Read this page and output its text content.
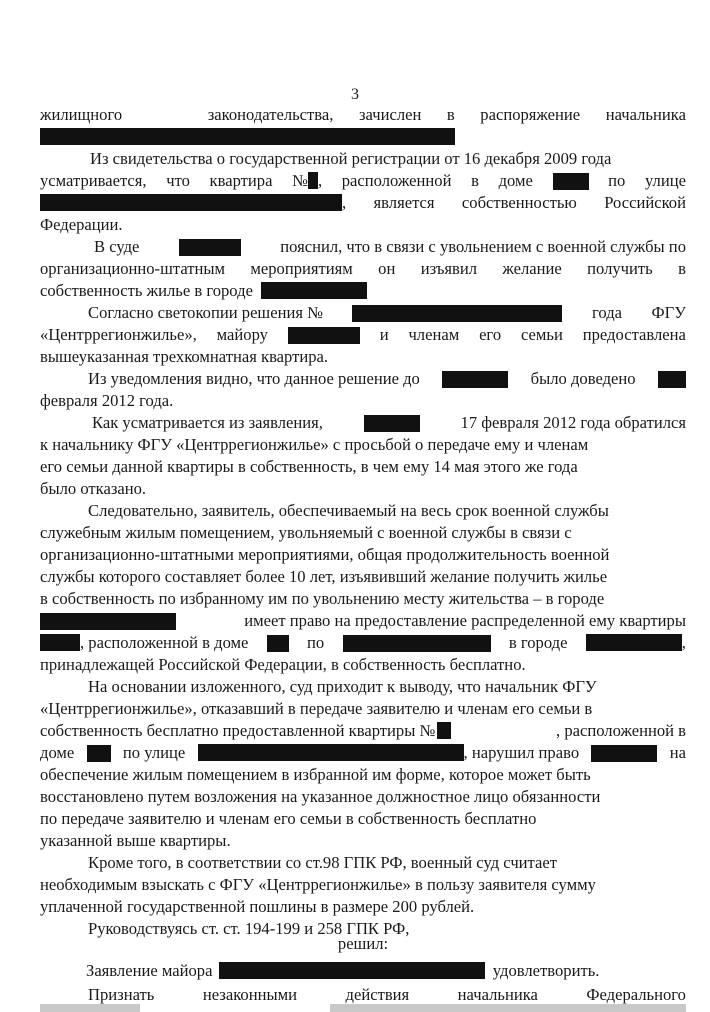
3
жилищного	законодательства, зачислен в распоряжение начальника
Из свидетельства о государственной регистрации от 16 декабря 2009 года
усматривается, что квартира № , расположенной в доме	по улице
, является собственностью Российской
Федерации.
В суде	пояснил, что в связи с увольнением с военной службы по
организационно-штатным мероприятиям он изъявил желание получить в
собственность жилье в городе
Согласно светокопии решения №	года ФГУ
«Центррегионжилье», майору	и членам его семьи предоставлена
вышеуказанная трехкомнатная квартира.
Из уведомления видно, что данное решение до	было доведено
февраля 2012 года.
Как усматривается из заявления,	17 февраля 2012 года обратился
к начальнику ФГУ «Центррегионжилье» с просьбой о передаче ему и членам
его семьи данной квартиры в собственность, в чем ему 14 мая этого же года
было отказано.
Следовательно, заявитель, обеспечиваемый на весь срок военной службы
служебным жилым помещением, увольняемый с военной службы в связи с
организационно-штатными мероприятиями, общая продолжительность военной
службы которого составляет более 10 лет, изъявивший желание получить жилье
в собственность по избранному им по увольнению месту жительства – в городе
имеет право на предоставление распределенной ему квартиры
, расположенной в доме	по	в городе	,
принадлежащей Российской Федерации, в собственность бесплатно.
На основании изложенного, суд приходит к выводу, что начальник ФГУ
«Центррегионжилье», отказавший в передаче заявителю и членам его семьи в
собственность бесплатно предоставленной квартиры №	, расположенной в
доме	по улице	, нарушил право	на
обеспечение жилым помещением в избранной им форме, которое может быть
восстановлено путем возложения на указанное должностное лицо обязанности
по передаче заявителю и членам его семьи в собственность бесплатно
указанной выше квартиры.
Кроме того, в соответствии со ст.98 ГПК РФ, военный суд считает
необходимым взыскать с ФГУ «Центррегионжилье» в пользу заявителя сумму
уплаченной государственной пошлины в размере 200 рублей.
Руководствуясь ст. ст. 194-199 и 258 ГПК РФ,
решил:
Заявление майора	удовлетворить.
Признать	незаконными	действия	начальника	Федерального
